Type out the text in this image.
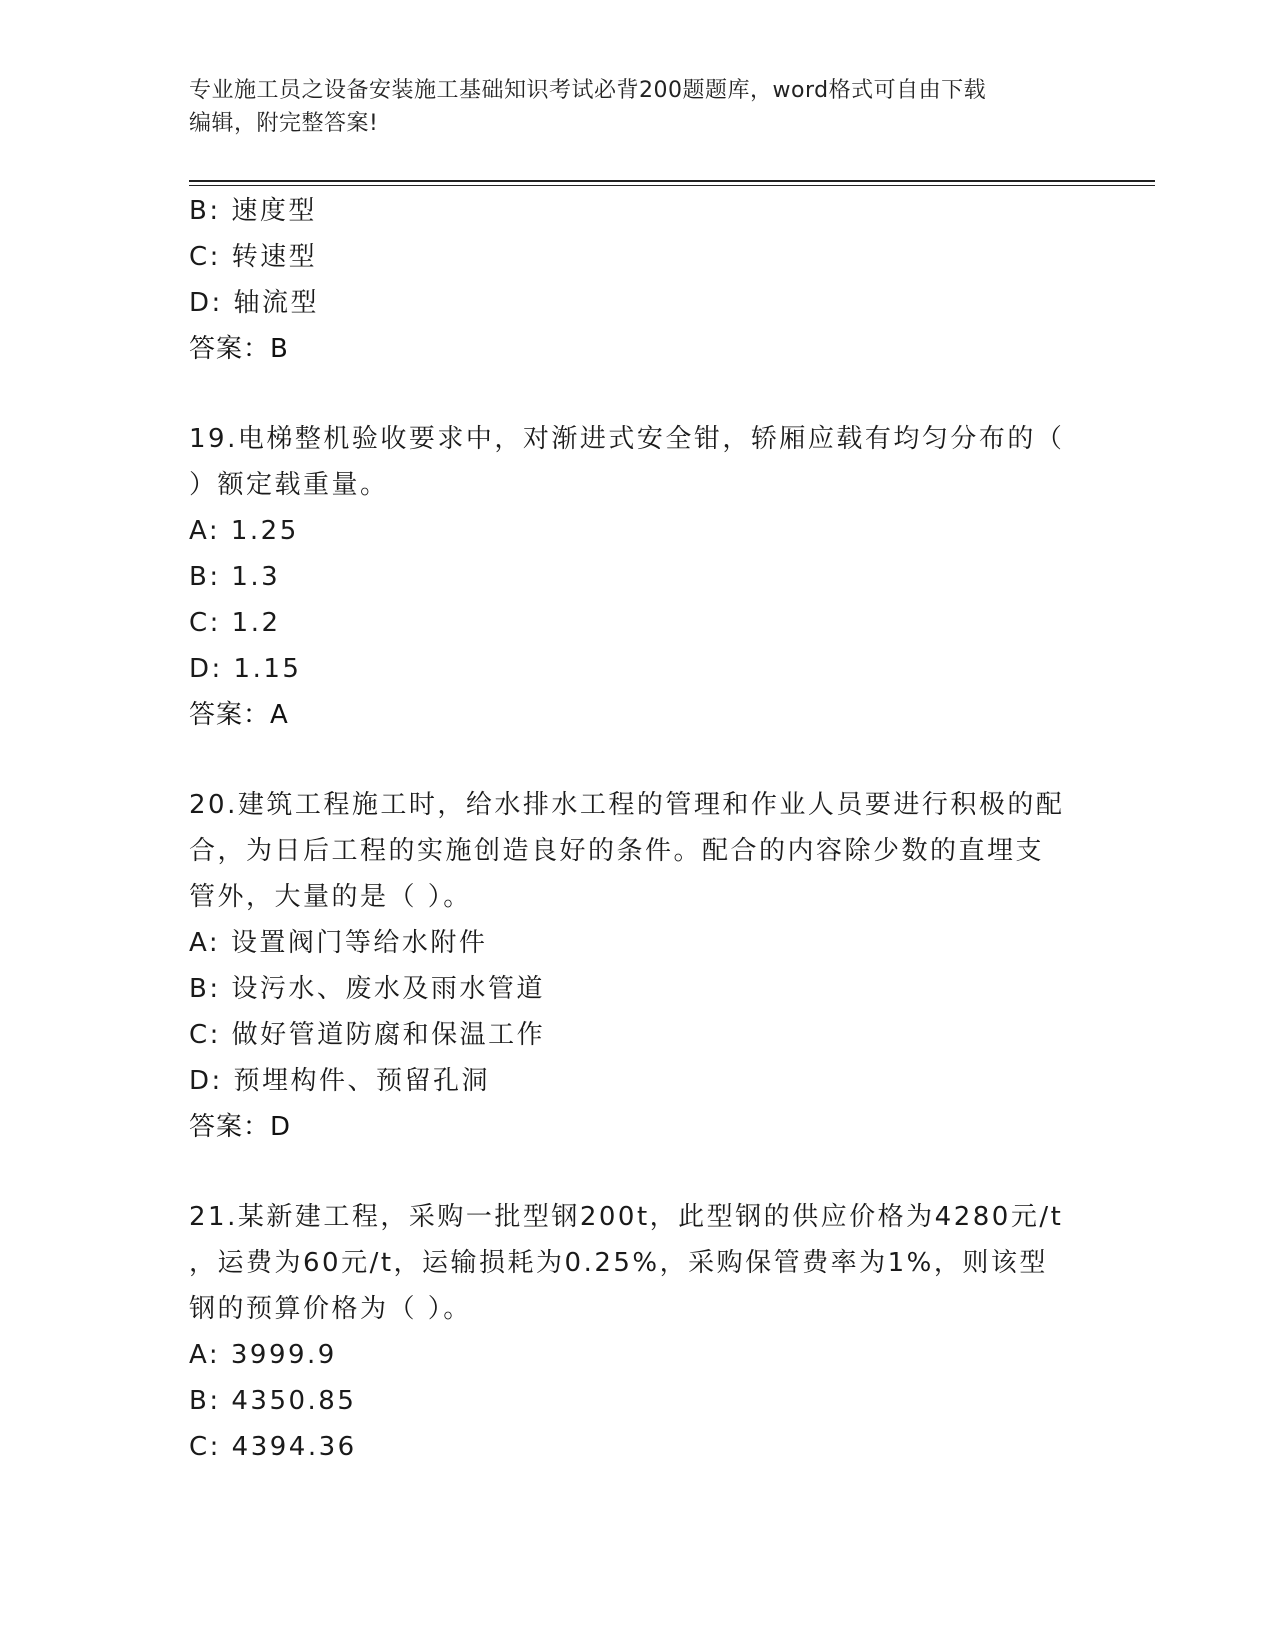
专业施工员之设备安装施工基础知识考试必背200题题库，word格式可自由下载
编辑，附完整答案!
B: 速度型
C: 转速型
D: 轴流型
答案：B
19.电梯整机验收要求中，对渐进式安全钳，轿厢应载有均匀分布的（
）额定载重量。
A: 1.25
B: 1.3
C: 1.2
D: 1.15
答案：A
20.建筑工程施工时，给水排水工程的管理和作业人员要进行积极的配
合，为日后工程的实施创造良好的条件。配合的内容除少数的直埋支
管外，大量的是（ ）。
A: 设置阀门等给水附件
B: 设污水、废水及雨水管道
C: 做好管道防腐和保温工作
D: 预埋构件、预留孔洞
答案：D
21.某新建工程，采购一批型钢200t，此型钢的供应价格为4280元/t
，运费为60元/t，运输损耗为0.25%，采购保管费率为1%，则该型
钢的预算价格为（ ）。
A: 3999.9
B: 4350.85
C: 4394.36
